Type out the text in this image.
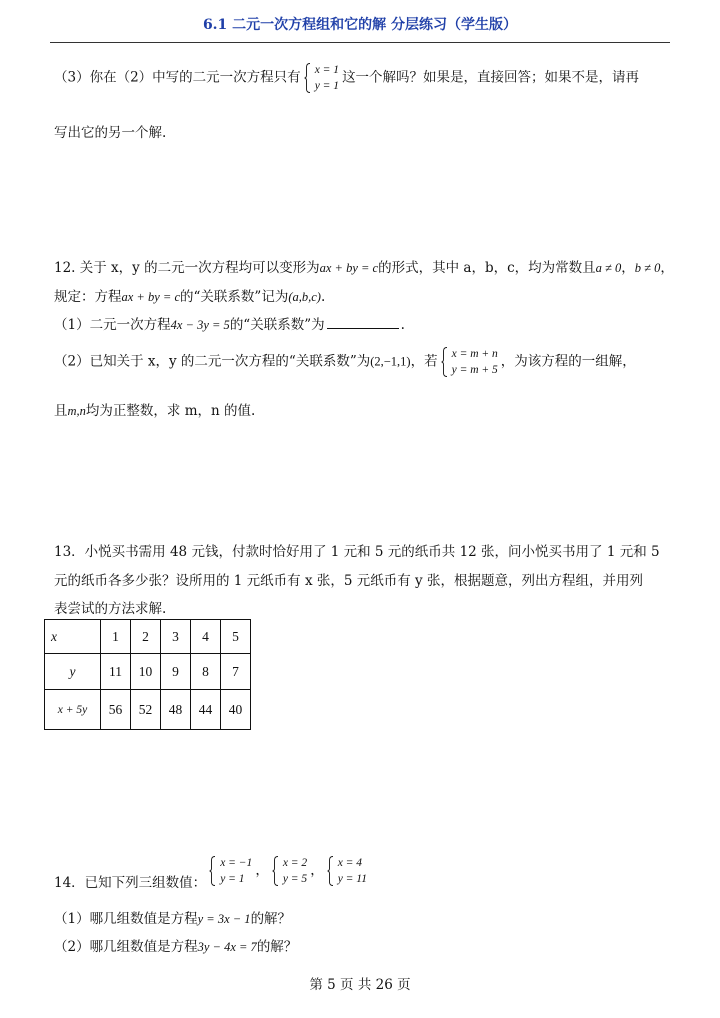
6.1 二元一次方程组和它的解 分层练习（学生版）
（3）你在（2）中写的二元一次方程只有 x = 1
y = 1
这一个解吗？如果是，直接回答；如果不是，请再
写出它的另一个解.
12. 关于 x，y 的二元一次方程均可以变形为ax + by = c的形式，其中 a，b，c，均为常数且a ≠ 0，b ≠ 0，
规定：方程ax + by = c的“关联系数”记为(a,b,c).
（1）二元一次方程4x − 3y = 5的“关联系数”为	.
（2）已知关于 x，y 的二元一次方程的“关联系数”为(2,−1,1)，若 x = m + n
y = m + 5
，为该方程的一组解，
且m,n均为正整数，求 m，n 的值.
13．小悦买书需用 48 元钱，付款时恰好用了 1 元和 5 元的纸币共 12 张，问小悦买书用了 1 元和 5
元的纸币各多少张？设所用的 1 元纸币有 x 张，5 元纸币有 y 张，根据题意，列出方程组，并用列
表尝试的方法求解.
x	1	2	3	4	5
y	11	10	9	8	7
x + 5y	56	52	48	44	40
14．已知下列三组数值：
x = −1
y = 1
， x = 2
y = 5
， x = 4
y = 11
（1）哪几组数值是方程y = 3x − 1的解？
（2）哪几组数值是方程3y − 4x = 7的解？
第 5 页 共 26 页
